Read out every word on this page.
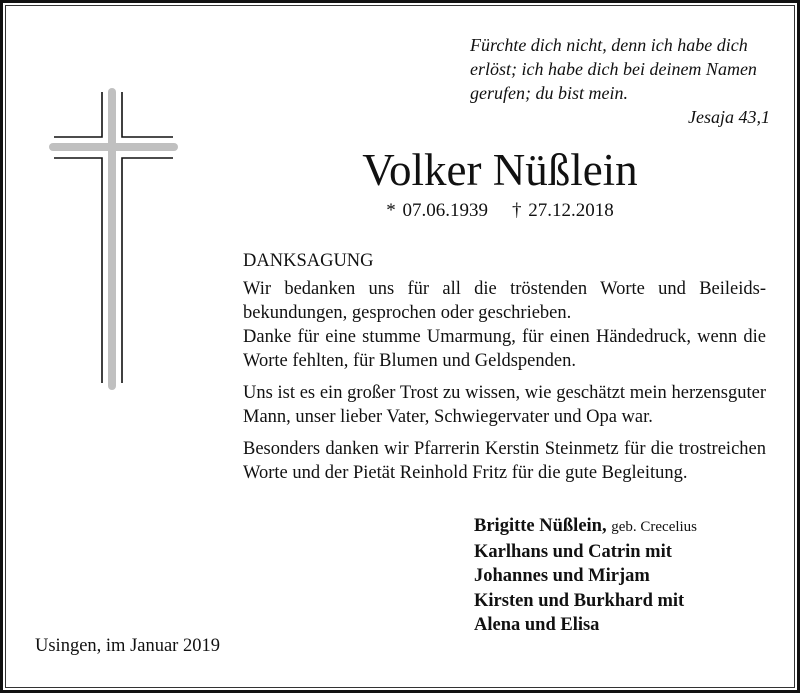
Fürchte dich nicht, denn ich habe dich
erlöst; ich habe dich bei deinem Namen
gerufen; du bist mein.
Jesaja 43,1
Volker Nüßlein
* 07.06.1939 † 27.12.2018

DANKSAGUNG

Wir bedanken uns für all die tröstenden Worte und Beileidsbekundungen, gesprochen oder geschrieben.
Danke für eine stumme Umarmung, für einen Händedruck, wenn die Worte fehlten, für Blumen und Geldspenden.

Uns ist es ein großer Trost zu wissen, wie geschätzt mein herzensguter Mann, unser lieber Vater, Schwiegervater und Opa war.

Besonders danken wir Pfarrerin Kerstin Steinmetz für die trostreichen Worte und der Pietät Reinhold Fritz für die gute Begleitung.

Brigitte Nüßlein, geb. Crecelius
Karlhans und Catrin mit
Johannes und Mirjam
Kirsten und Burkhard mit
Alena und Elisa
Usingen, im Januar 2019
